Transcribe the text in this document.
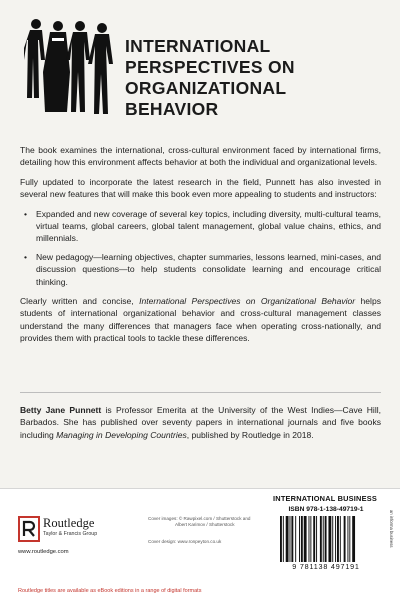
INTERNATIONAL
PERSPECTIVES ON
ORGANIZATIONAL
BEHAVIOR

The book examines the international, cross-cultural environment faced by international firms, detailing how this environment affects behavior at both the individual and organizational levels.

Fully updated to incorporate the latest research in the field, Punnett has also invested in several new features that will make this book even more appealing to students and instructors:

• Expanded and new coverage of several key topics, including diversity, multi-cultural teams, virtual teams, global careers, global talent management, global value chains, ethics, and millennials.
• New pedagogy—learning objectives, chapter summaries, lessons learned, mini-cases, and discussion questions—to help students consolidate learning and encourage critical thinking.

Clearly written and concise, International Perspectives on Organizational Behavior helps students of international organizational behavior and cross-cultural management classes understand the many differences that managers face when operating cross-nationally, and provides them with practical tools to tackle these differences.

Betty Jane Punnett is Professor Emerita at the University of the West Indies—Cave Hill, Barbados. She has published over seventy papers in international journals and five books including Managing in Developing Countries, published by Routledge in 2018.
INTERNATIONAL BUSINESS
an informa business
Routledge
Taylor & Francis Group
www.routledge.com
Cover images: © Rawpixel.com / Shutterstock and
Albert Karimov / Shutterstock
Cover design: www.ronpeyton.co.uk
ISBN 978-1-138-49719-1
9 781138 497191
Routledge titles are available as eBook editions in a range of digital formats
